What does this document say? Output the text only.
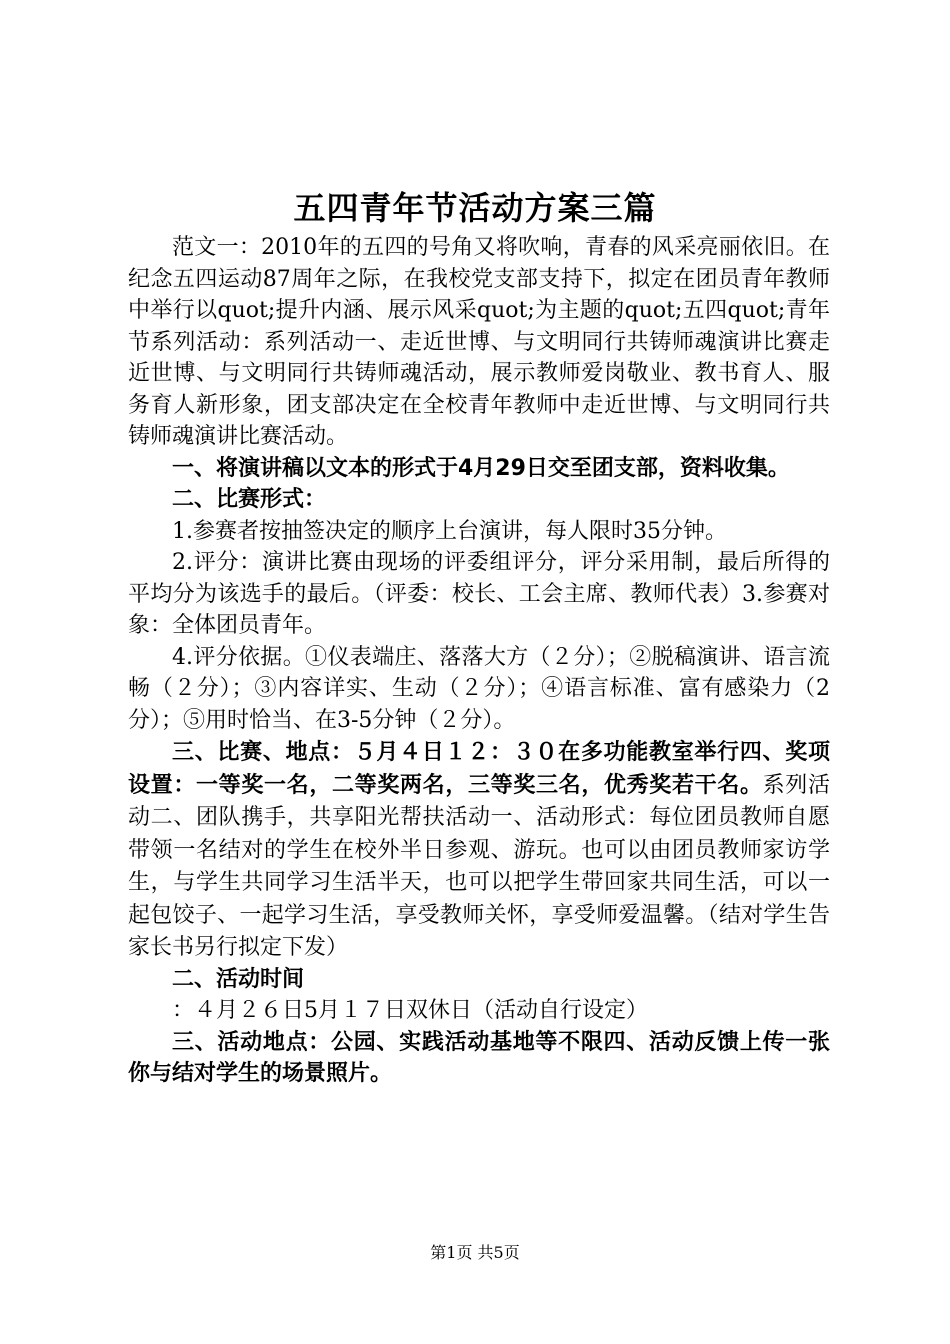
五四青年节活动方案三篇

范文一：2010年的五四的号角又将吹响，青春的风采亮丽依旧。在纪念五四运动87周年之际，在我校党支部支持下，拟定在团员青年教师中举行以quot;提升内涵、展示风采quot;为主题的quot;五四quot;青年节系列活动：系列活动一、走近世博、与文明同行共铸师魂演讲比赛走近世博、与文明同行共铸师魂活动，展示教师爱岗敬业、教书育人、服务育人新形象，团支部决定在全校青年教师中走近世博、与文明同行共铸师魂演讲比赛活动。

一、将演讲稿以文本的形式于4月29日交至团支部，资料收集。

二、比赛形式：

1.参赛者按抽签决定的顺序上台演讲，每人限时35分钟。

2.评分：演讲比赛由现场的评委组评分，评分采用制，最后所得的平均分为该选手的最后。（评委：校长、工会主席、教师代表）3.参赛对象：全体团员青年。

4.评分依据。①仪表端庄、落落大方（２分）；②脱稿演讲、语言流畅（２分）；③内容详实、生动（２分）；④语言标准、富有感染力（2分）；⑤用时恰当、在3-5分钟（２分）。

三、比赛、地点：５月４日１２：３０在多功能教室举行四、奖项设置：一等奖一名，二等奖两名，三等奖三名，优秀奖若干名。系列活动二、团队携手，共享阳光帮扶活动一、活动形式：每位团员教师自愿带领一名结对的学生在校外半日参观、游玩。也可以由团员教师家访学生，与学生共同学习生活半天，也可以把学生带回家共同生活，可以一起包饺子、一起学习生活，享受教师关怀，享受师爱温馨。（结对学生告家长书另行拟定下发）

二、活动时间

：４月２６日5月１７日双休日（活动自行设定）

三、活动地点：公园、实践活动基地等不限四、活动反馈上传一张你与结对学生的场景照片。

第1页 共5页
